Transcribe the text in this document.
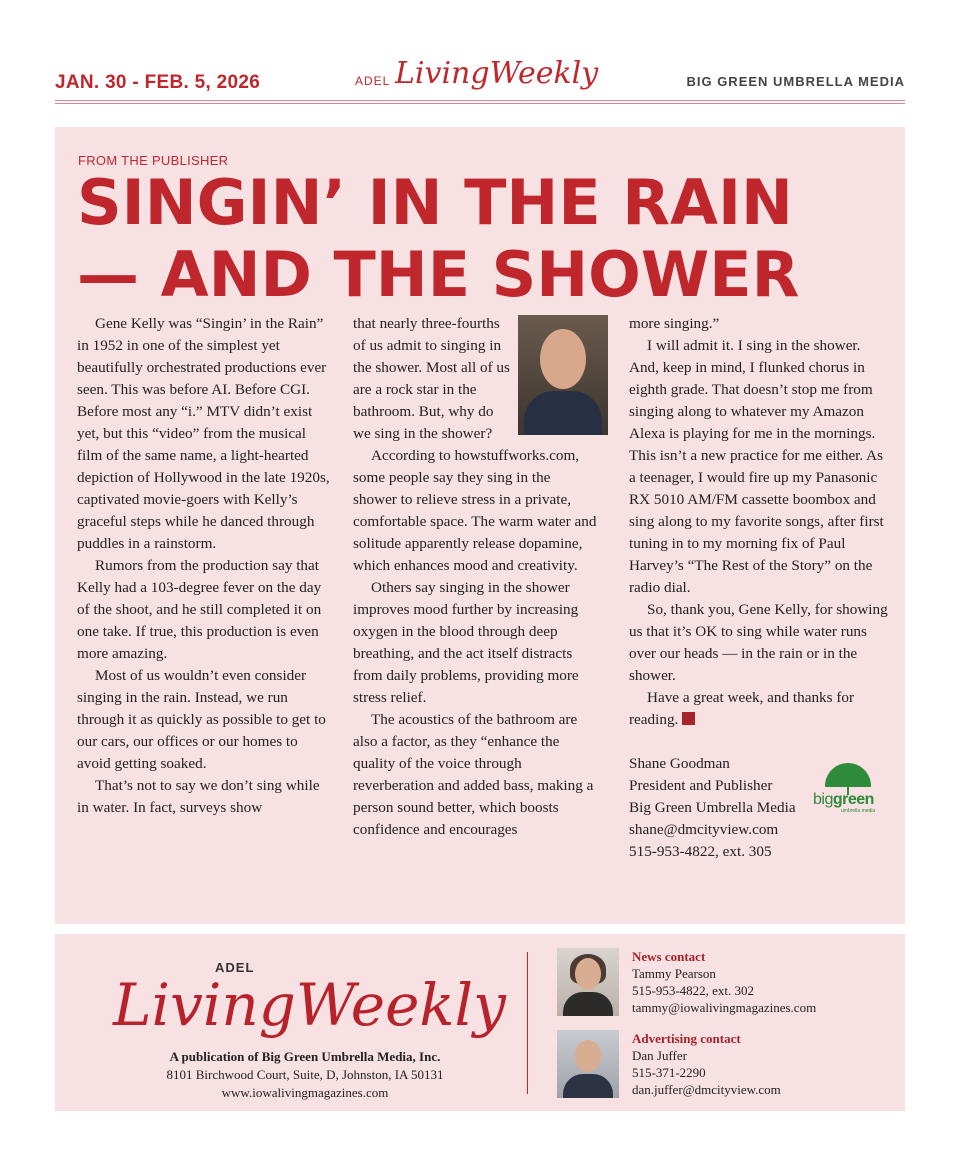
JAN. 30 - FEB. 5, 2026	ADEL LivingWeekly	BIG GREEN UMBRELLA MEDIA
FROM THE PUBLISHER
SINGIN’ IN THE RAIN
— AND THE SHOWER

Gene Kelly was “Singin’ in the Rain” in 1952 in one of the simplest yet beautifully orchestrated productions ever seen. This was before AI. Before CGI. Before most any “i.” MTV didn’t exist yet, but this “video” from the musical film of the same name, a light-hearted depiction of Hollywood in the late 1920s, captivated movie-goers with Kelly’s graceful steps while he danced through puddles in a rainstorm.

Rumors from the production say that Kelly had a 103-degree fever on the day of the shoot, and he still completed it on one take. If true, this production is even more amazing.

Most of us wouldn’t even consider singing in the rain. Instead, we run through it as quickly as possible to get to our cars, our offices or our homes to avoid getting soaked.

That’s not to say we don’t sing while in water. In fact, surveys show

that nearly three-fourths of us admit to singing in the shower. Most all of us are a rock star in the bathroom. But, why do we sing in the shower?

According to howstuffworks.com, some people say they sing in the shower to relieve stress in a private, comfortable space. The warm water and solitude apparently release dopamine, which enhances mood and creativity.

Others say singing in the shower improves mood further by increasing oxygen in the blood through deep breathing, and the act itself distracts from daily problems, providing more stress relief.

The acoustics of the bathroom are also a factor, as they “enhance the quality of the voice through reverberation and added bass, making a person sound better, which boosts confidence and encourages

more singing.”

I will admit it. I sing in the shower. And, keep in mind, I flunked chorus in eighth grade. That doesn’t stop me from singing along to whatever my Amazon Alexa is playing for me in the mornings. This isn’t a new practice for me either. As a teenager, I would fire up my Panasonic RX 5010 AM/FM cassette boombox and sing along to my favorite songs, after first tuning in to my morning fix of Paul Harvey’s “The Rest of the Story” on the radio dial.

So, thank you, Gene Kelly, for showing us that it’s OK to sing while water runs over our heads — in the rain or in the shower.

Have a great week, and thanks for reading.

Shane Goodman
President and Publisher
Big Green Umbrella Media
shane@dmcityview.com
515-953-4822, ext. 305
biggreen
umbrella media
ADEL
LivingWeekly
A publication of Big Green Umbrella Media, Inc.
8101 Birchwood Court, Suite, D, Johnston, IA 50131
www.iowalivingmagazines.com
News contact
Tammy Pearson
515-953-4822, ext. 302
tammy@iowalivingmagazines.com
Advertising contact
Dan Juffer
515-371-2290
dan.juffer@dmcityview.com
